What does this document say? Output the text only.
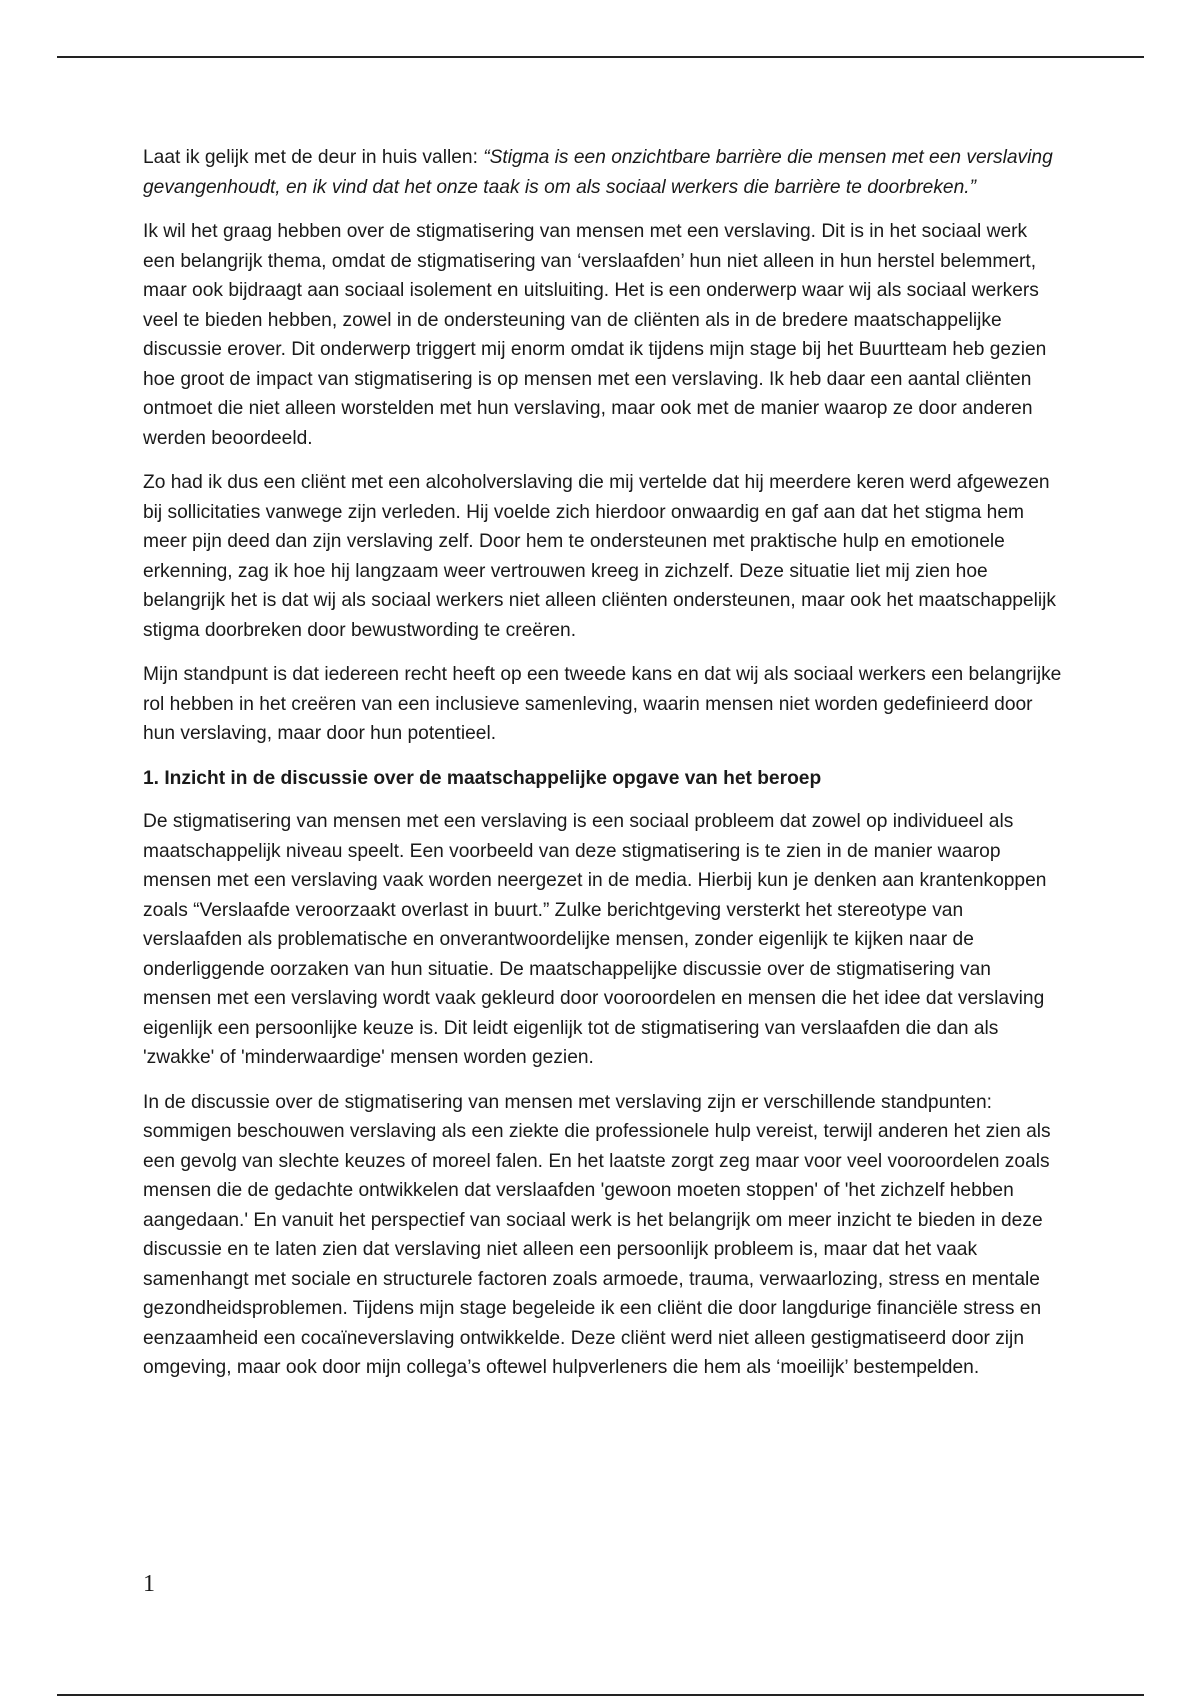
Laat ik gelijk met de deur in huis vallen: “Stigma is een onzichtbare barrière die mensen met een verslaving gevangenhoudt, en ik vind dat het onze taak is om als sociaal werkers die barrière te doorbreken.”

Ik wil het graag hebben over de stigmatisering van mensen met een verslaving. Dit is in het sociaal werk een belangrijk thema, omdat de stigmatisering van ‘verslaafden’ hun niet alleen in hun herstel belemmert, maar ook bijdraagt aan sociaal isolement en uitsluiting. Het is een onderwerp waar wij als sociaal werkers veel te bieden hebben, zowel in de ondersteuning van de cliënten als in de bredere maatschappelijke discussie erover. Dit onderwerp triggert mij enorm omdat ik tijdens mijn stage bij het Buurtteam heb gezien hoe groot de impact van stigmatisering is op mensen met een verslaving. Ik heb daar een aantal cliënten ontmoet die niet alleen worstelden met hun verslaving, maar ook met de manier waarop ze door anderen werden beoordeeld.

Zo had ik dus een cliënt met een alcoholverslaving die mij vertelde dat hij meerdere keren werd afgewezen bij sollicitaties vanwege zijn verleden. Hij voelde zich hierdoor onwaardig en gaf aan dat het stigma hem meer pijn deed dan zijn verslaving zelf. Door hem te ondersteunen met praktische hulp en emotionele erkenning, zag ik hoe hij langzaam weer vertrouwen kreeg in zichzelf. Deze situatie liet mij zien hoe belangrijk het is dat wij als sociaal werkers niet alleen cliënten ondersteunen, maar ook het maatschappelijk stigma doorbreken door bewustwording te creëren.

Mijn standpunt is dat iedereen recht heeft op een tweede kans en dat wij als sociaal werkers een belangrijke rol hebben in het creëren van een inclusieve samenleving, waarin mensen niet worden gedefinieerd door hun verslaving, maar door hun potentieel.

1. Inzicht in de discussie over de maatschappelijke opgave van het beroep

De stigmatisering van mensen met een verslaving is een sociaal probleem dat zowel op individueel als maatschappelijk niveau speelt. Een voorbeeld van deze stigmatisering is te zien in de manier waarop mensen met een verslaving vaak worden neergezet in de media. Hierbij kun je denken aan krantenkoppen zoals “Verslaafde veroorzaakt overlast in buurt.” Zulke berichtgeving versterkt het stereotype van verslaafden als problematische en onverantwoordelijke mensen, zonder eigenlijk te kijken naar de onderliggende oorzaken van hun situatie. De maatschappelijke discussie over de stigmatisering van mensen met een verslaving wordt vaak gekleurd door vooroordelen en mensen die het idee dat verslaving eigenlijk een persoonlijke keuze is. Dit leidt eigenlijk tot de stigmatisering van verslaafden die dan als 'zwakke' of 'minderwaardige' mensen worden gezien.

In de discussie over de stigmatisering van mensen met verslaving zijn er verschillende standpunten: sommigen beschouwen verslaving als een ziekte die professionele hulp vereist, terwijl anderen het zien als een gevolg van slechte keuzes of moreel falen. En het laatste zorgt zeg maar voor veel vooroordelen zoals mensen die de gedachte ontwikkelen dat verslaafden 'gewoon moeten stoppen' of 'het zichzelf hebben aangedaan.' En vanuit het perspectief van sociaal werk is het belangrijk om meer inzicht te bieden in deze discussie en te laten zien dat verslaving niet alleen een persoonlijk probleem is, maar dat het vaak samenhangt met sociale en structurele factoren zoals armoede, trauma, verwaarlozing, stress en mentale gezondheidsproblemen. Tijdens mijn stage begeleide ik een cliënt die door langdurige financiële stress en eenzaamheid een cocaïneverslaving ontwikkelde. Deze cliënt werd niet alleen gestigmatiseerd door zijn omgeving, maar ook door mijn collega’s oftewel hulpverleners die hem als ‘moeilijk’ bestempelden.

1
